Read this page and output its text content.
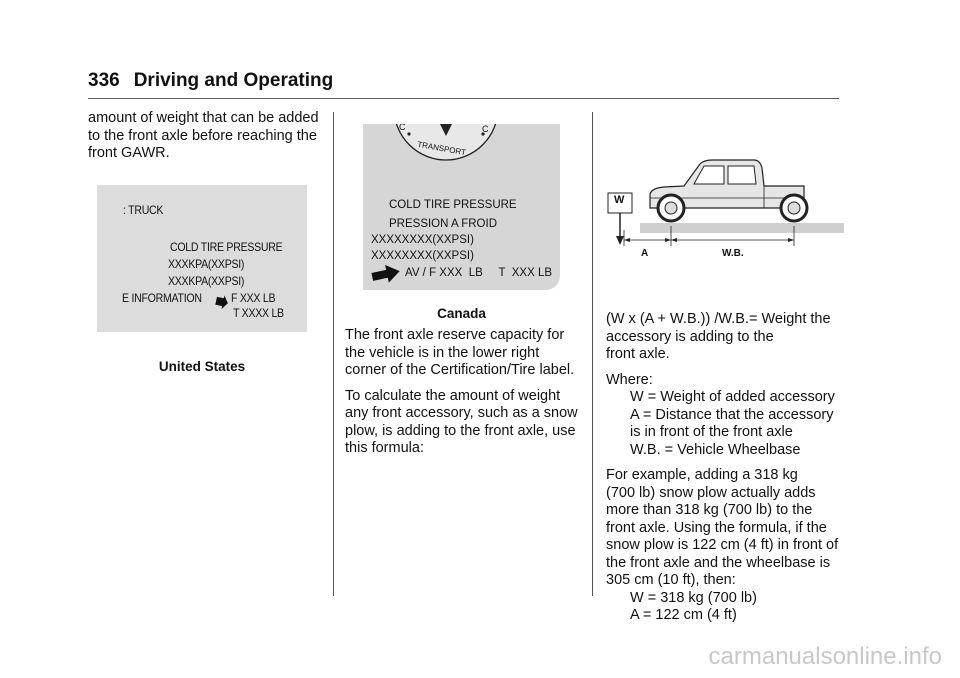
336 Driving and Operating
amount of weight that can be added
to the front axle before reaching the
front GAWR.
: TRUCK
COLD TIRE PRESSURE
XXXKPA(XXPSI)
XXXKPA(XXPSI)
E INFORMATION F XXX LB
T XXXX LB
United States
C	C
TRANSPORT
COLD TIRE PRESSURE
PRESSION A FROID
XXXXXXXX(XXPSI)
XXXXXXXX(XXPSI)
AV / F XXX  LB     T  XXX LB
Canada

The front axle reserve capacity for
the vehicle is in the lower right
corner of the Certification/Tire label.

To calculate the amount of weight
any front accessory, such as a snow
plow, is adding to the front axle, use
this formula:

W
A	W.B.

(W x (A + W.B.)) /W.B.= Weight the
accessory is adding to the
front axle.

Where:
W = Weight of added accessory
A = Distance that the accessory
is in front of the front axle
W.B. = Vehicle Wheelbase

For example, adding a 318 kg
(700 lb) snow plow actually adds
more than 318 kg (700 lb) to the
front axle. Using the formula, if the
snow plow is 122 cm (4 ft) in front of
the front axle and the wheelbase is
305 cm (10 ft), then:
W = 318 kg (700 lb)
A = 122 cm (4 ft)

carmanualsonline.info
